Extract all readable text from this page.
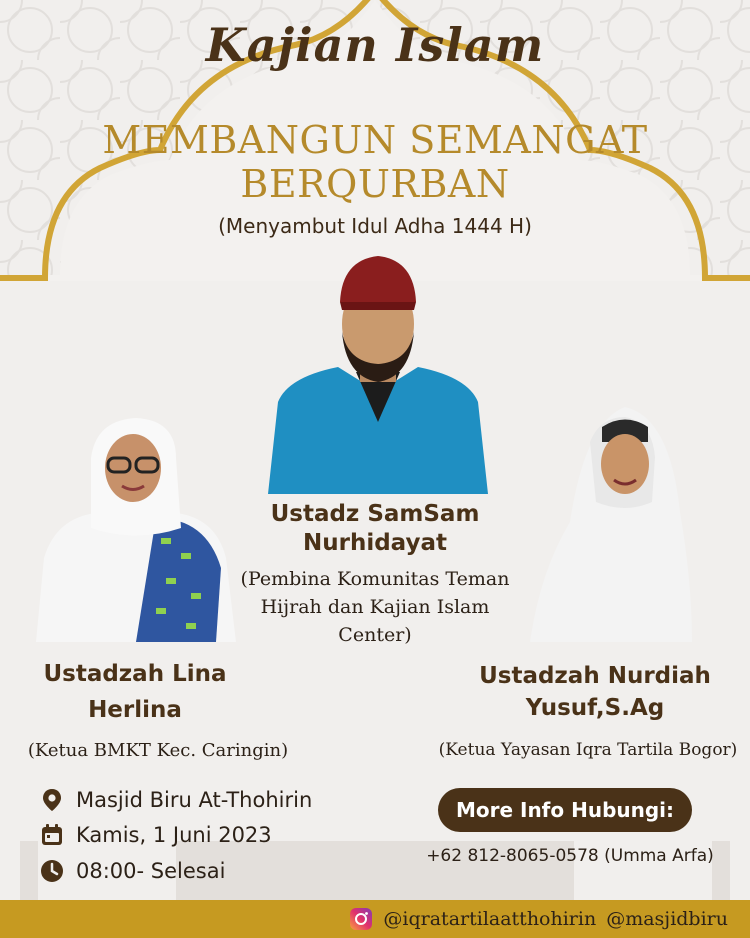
Kajian Islam
MEMBANGUN SEMANGAT
BERQURBAN
(Menyambut Idul Adha 1444 H)
Ustadz SamSam
Nurhidayat
(Pembina Komunitas Teman
Hijrah dan Kajian Islam
Center)
Ustadzah Lina
Herlina
(Ketua BMKT Kec. Caringin)
Ustadzah Nurdiah
Yusuf,S.Ag
(Ketua Yayasan Iqra Tartila Bogor)
Masjid Biru At-Thohirin
Kamis, 1 Juni 2023
08:00- Selesai
More Info Hubungi:
+62 812-8065-0578 (Umma Arfa)
@iqratartilaatthohirin @masjidbiru
